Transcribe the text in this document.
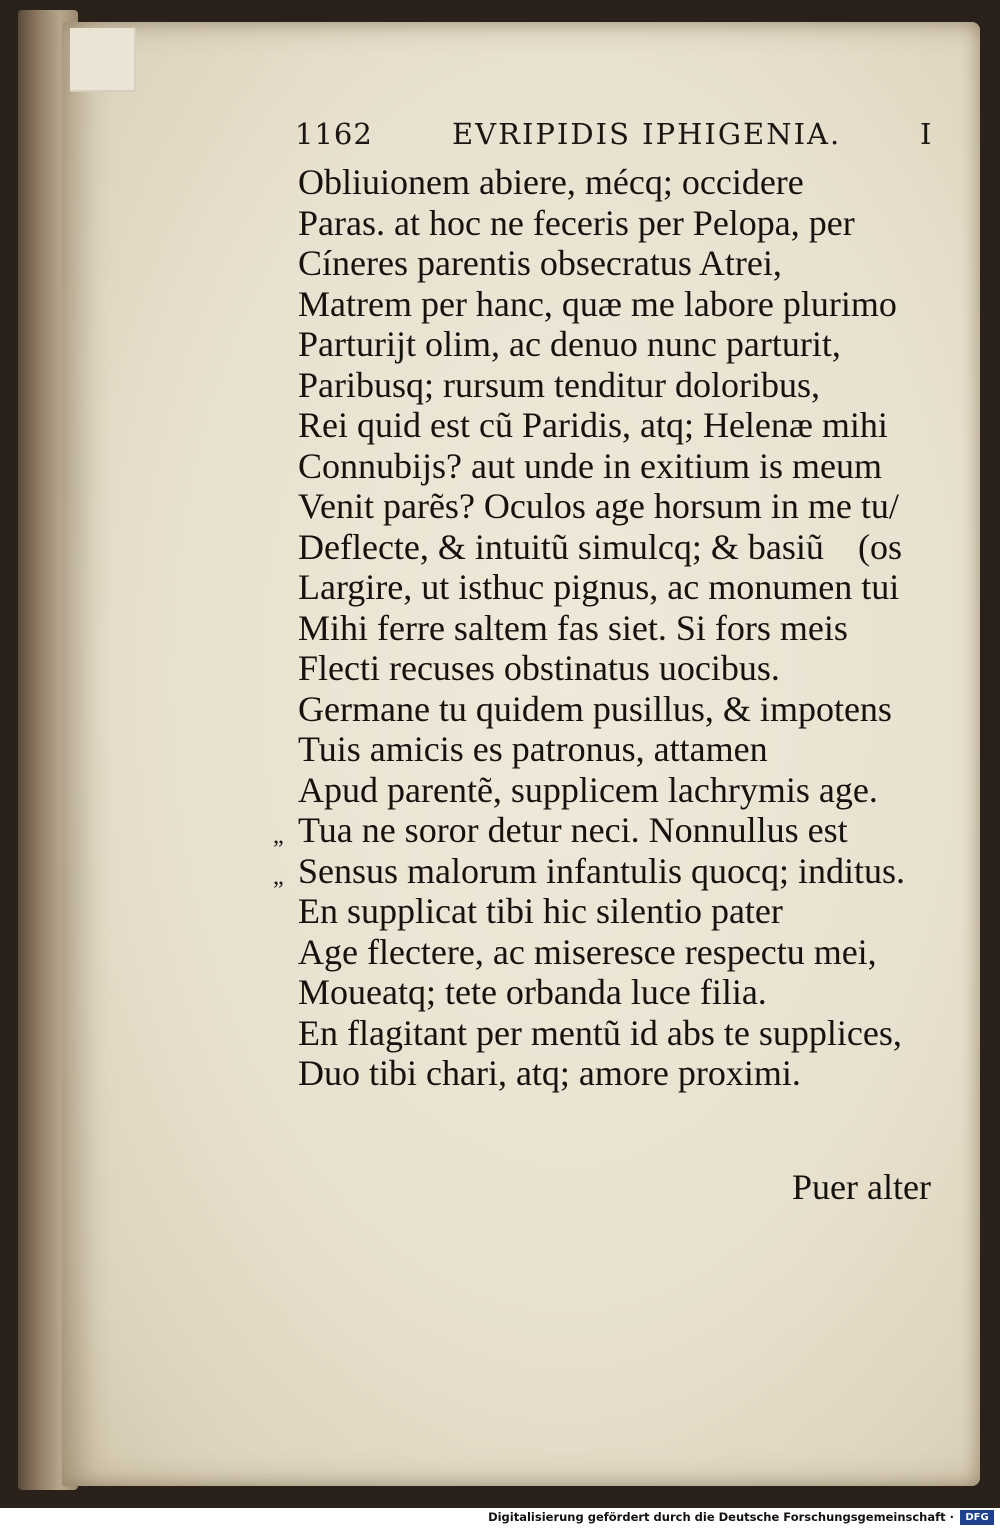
1162	EVRIPIDIS IPHIGENIA.	I
Obliuionem abiere, mécq; occidere
Paras. at hoc ne feceris per Pelopa, per
Cíneres parentis obsecratus Atrei,
Matrem per hanc, quæ me labore plurimo
Parturijt olim, ac denuo nunc parturit,
Paribusq; rursum tenditur doloribus,
Rei quid est cũ Paridis, atq; Helenæ mihi
Connubijs? aut unde in exitium is meum
Venit parẽs? Oculos age horsum in me tu/
Deflecte, & intuitũ simulcq; & basiũ (os
Largire, ut isthuc pignus, ac monumen tui
Mihi ferre saltem fas siet. Si fors meis
Flecti recuses obstinatus uocibus.
Germane tu quidem pusillus, & impotens
Tuis amicis es patronus, attamen
Apud parentẽ, supplicem lachrymis age.
„ Tua ne soror detur neci. Nonnullus est
„ Sensus malorum infantulis quocq; inditus.
En supplicat tibi hic silentio pater
Age flectere, ac miseresce respectu mei,
Moueatq; tete orbanda luce filia.
En flagitant per mentũ id abs te supplices,
Duo tibi chari, atq; amore proximi.
Puer alter
Digitalisierung gefördert durch die Deutsche Forschungsgemeinschaft ·	DFG
